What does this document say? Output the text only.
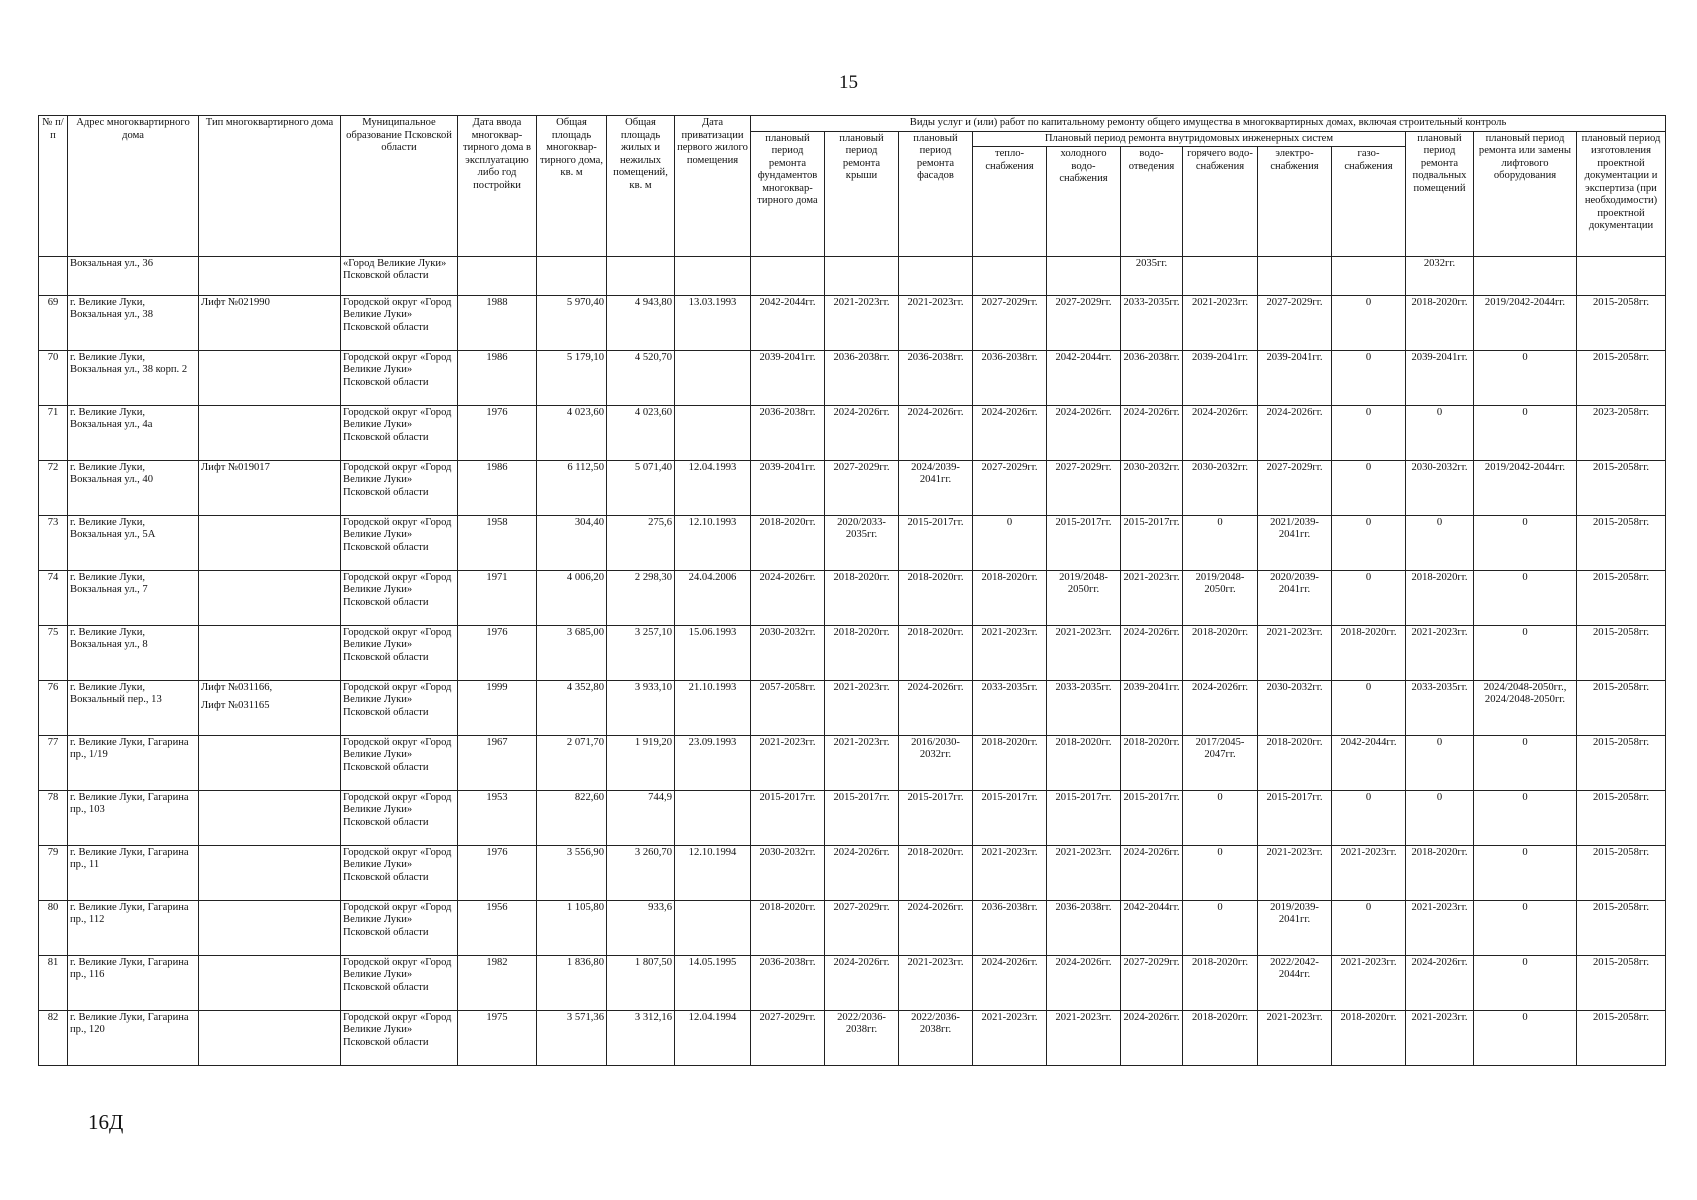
15
№ п/п	Адрес многоквартирного дома	Тип многоквартирного дома	Муниципальное образование Псковской области	Дата ввода многоквар-тирного дома в эксплуатацию либо год постройки	Общая площадь многоквар-тирного дома, кв. м	Общая площадь жилых и нежилых помещений, кв. м	Дата приватизации первого жилого помещения	Виды услуг и (или) работ по капитальному ремонту общего имущества в многоквартирных домах, включая строительный контроль											
								плановый период ремонта фундаментов многоквар-тирного дома	плановый период ремонта крыши	плановый период ремонта фасадов	Плановый период ремонта внутридомовых инженерных систем						плановый период ремонта подвальных помещений	плановый период ремонта или замены лифтового оборудования	плановый период изготовления проектной документации и экспертиза (при необходимости) проектной документации
											тепло-снабжения	холодного водо-снабжения	водо-отведения	горячего водо-снабжения	электро-снабжения	газо-снабжения			
	Вокзальная ул., 36		«Город Великие Луки» Псковской области										2035гг.				2032гг.		
69	г. Великие Луки, Вокзальная ул., 38	Лифт №021990	Городской округ «Город Великие Луки» Псковской области	1988	5 970,40	4 943,80	13.03.1993	2042-2044гг.	2021-2023гг.	2021-2023гг.	2027-2029гг.	2027-2029гг.	2033-2035гг.	2021-2023гг.	2027-2029гг.	0	2018-2020гг.	2019/2042-2044гг.	2015-2058гг.
70	г. Великие Луки, Вокзальная ул., 38 корп. 2		Городской округ «Город Великие Луки» Псковской области	1986	5 179,10	4 520,70		2039-2041гг.	2036-2038гг.	2036-2038гг.	2036-2038гг.	2042-2044гг.	2036-2038гг.	2039-2041гг.	2039-2041гг.	0	2039-2041гг.	0	2015-2058гг.
71	г. Великие Луки, Вокзальная ул., 4а		Городской округ «Город Великие Луки» Псковской области	1976	4 023,60	4 023,60		2036-2038гг.	2024-2026гг.	2024-2026гг.	2024-2026гг.	2024-2026гг.	2024-2026гг.	2024-2026гг.	2024-2026гг.	0	0	0	2023-2058гг.
72	г. Великие Луки, Вокзальная ул., 40	Лифт №019017	Городской округ «Город Великие Луки» Псковской области	1986	6 112,50	5 071,40	12.04.1993	2039-2041гг.	2027-2029гг.	2024/2039-2041гг.	2027-2029гг.	2027-2029гг.	2030-2032гг.	2030-2032гг.	2027-2029гг.	0	2030-2032гг.	2019/2042-2044гг.	2015-2058гг.
73	г. Великие Луки, Вокзальная ул., 5А		Городской округ «Город Великие Луки» Псковской области	1958	304,40	275,6	12.10.1993	2018-2020гг.	2020/2033-2035гг.	2015-2017гг.	0	2015-2017гг.	2015-2017гг.	0	2021/2039-2041гг.	0	0	0	2015-2058гг.
74	г. Великие Луки, Вокзальная ул., 7		Городской округ «Город Великие Луки» Псковской области	1971	4 006,20	2 298,30	24.04.2006	2024-2026гг.	2018-2020гг.	2018-2020гг.	2018-2020гг.	2019/2048-2050гг.	2021-2023гг.	2019/2048-2050гг.	2020/2039-2041гг.	0	2018-2020гг.	0	2015-2058гг.
75	г. Великие Луки, Вокзальная ул., 8		Городской округ «Город Великие Луки» Псковской области	1976	3 685,00	3 257,10	15.06.1993	2030-2032гг.	2018-2020гг.	2018-2020гг.	2021-2023гг.	2021-2023гг.	2024-2026гг.	2018-2020гг.	2021-2023гг.	2018-2020гг.	2021-2023гг.	0	2015-2058гг.
76	г. Великие Луки, Вокзальный пер., 13	Лифт №031166,
Лифт №031165	Городской округ «Город Великие Луки» Псковской области	1999	4 352,80	3 933,10	21.10.1993	2057-2058гг.	2021-2023гг.	2024-2026гг.	2033-2035гг.	2033-2035гг.	2039-2041гг.	2024-2026гг.	2030-2032гг.	0	2033-2035гг.	2024/2048-2050гг., 2024/2048-2050гг.	2015-2058гг.
77	г. Великие Луки, Гагарина пр., 1/19		Городской округ «Город Великие Луки» Псковской области	1967	2 071,70	1 919,20	23.09.1993	2021-2023гг.	2021-2023гг.	2016/2030-2032гг.	2018-2020гг.	2018-2020гг.	2018-2020гг.	2017/2045-2047гг.	2018-2020гг.	2042-2044гг.	0	0	2015-2058гг.
78	г. Великие Луки, Гагарина пр., 103		Городской округ «Город Великие Луки» Псковской области	1953	822,60	744,9		2015-2017гг.	2015-2017гг.	2015-2017гг.	2015-2017гг.	2015-2017гг.	2015-2017гг.	0	2015-2017гг.	0	0	0	2015-2058гг.
79	г. Великие Луки, Гагарина пр., 11		Городской округ «Город Великие Луки» Псковской области	1976	3 556,90	3 260,70	12.10.1994	2030-2032гг.	2024-2026гг.	2018-2020гг.	2021-2023гг.	2021-2023гг.	2024-2026гг.	0	2021-2023гг.	2021-2023гг.	2018-2020гг.	0	2015-2058гг.
80	г. Великие Луки, Гагарина пр., 112		Городской округ «Город Великие Луки» Псковской области	1956	1 105,80	933,6		2018-2020гг.	2027-2029гг.	2024-2026гг.	2036-2038гг.	2036-2038гг.	2042-2044гг.	0	2019/2039-2041гг.	0	2021-2023гг.	0	2015-2058гг.
81	г. Великие Луки, Гагарина пр., 116		Городской округ «Город Великие Луки» Псковской области	1982	1 836,80	1 807,50	14.05.1995	2036-2038гг.	2024-2026гг.	2021-2023гг.	2024-2026гг.	2024-2026гг.	2027-2029гг.	2018-2020гг.	2022/2042-2044гг.	2021-2023гг.	2024-2026гг.	0	2015-2058гг.
82	г. Великие Луки, Гагарина пр., 120		Городской округ «Город Великие Луки» Псковской области	1975	3 571,36	3 312,16	12.04.1994	2027-2029гг.	2022/2036-2038гг.	2022/2036-2038гг.	2021-2023гг.	2021-2023гг.	2024-2026гг.	2018-2020гг.	2021-2023гг.	2018-2020гг.	2021-2023гг.	0	2015-2058гг.
16Д
